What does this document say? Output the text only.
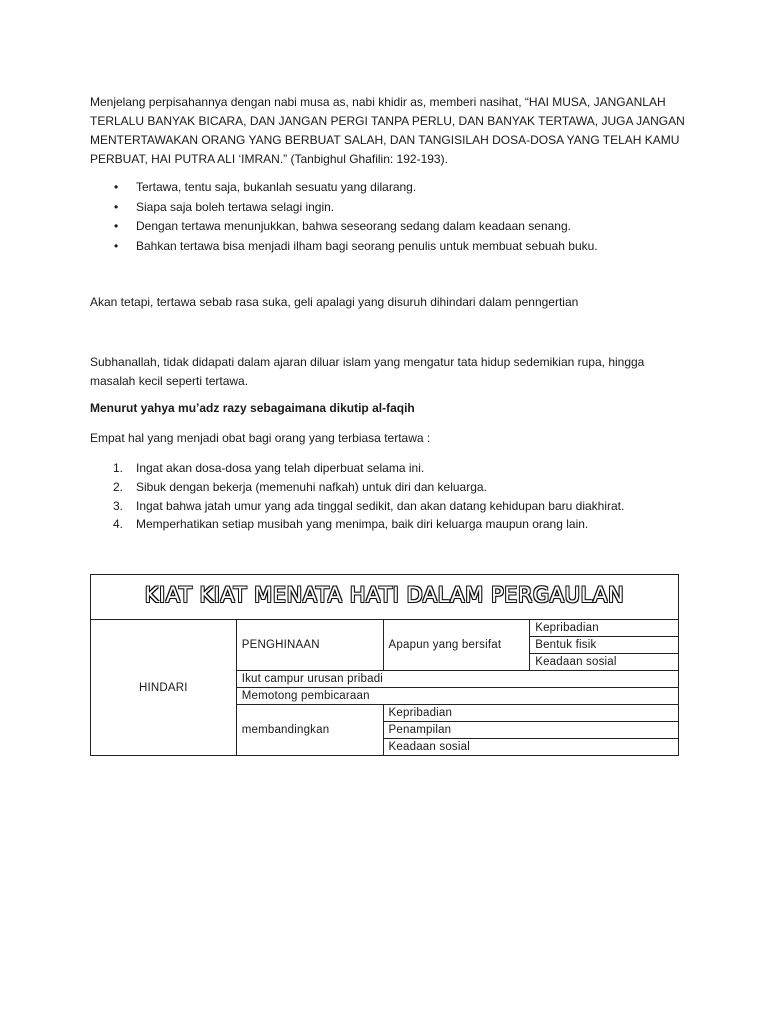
Menjelang perpisahannya dengan nabi musa as, nabi khidir as, memberi nasihat, “HAI MUSA, JANGANLAH TERLALU BANYAK BICARA, DAN JANGAN PERGI TANPA PERLU, DAN BANYAK TERTAWA, JUGA JANGAN MENTERTAWAKAN ORANG YANG BERBUAT SALAH, DAN TANGISILAH DOSA-DOSA YANG TELAH KAMU PERBUAT, HAI PUTRA ALI ‘IMRAN.” (Tanbighul Ghafilin: 192-193).

• Tertawa, tentu saja, bukanlah sesuatu yang dilarang.
• Siapa saja boleh tertawa selagi ingin.
• Dengan tertawa menunjukkan, bahwa seseorang sedang dalam keadaan senang.
• Bahkan tertawa bisa menjadi ilham bagi seorang penulis untuk membuat sebuah buku.

Akan tetapi, tertawa sebab rasa suka, geli apalagi yang disuruh dihindari dalam penngertian

Subhanallah, tidak didapati dalam ajaran diluar islam yang mengatur tata hidup sedemikian rupa, hingga masalah kecil seperti tertawa.

Menurut yahya mu’adz razy sebagaimana dikutip al-faqih

Empat hal yang menjadi obat bagi orang yang terbiasa tertawa :

1. Ingat akan dosa-dosa yang telah diperbuat selama ini.
2. Sibuk dengan bekerja (memenuhi nafkah) untuk diri dan keluarga.
3. Ingat bahwa jatah umur yang ada tinggal sedikit, dan akan datang kehidupan baru diakhirat.
4. Memperhatikan setiap musibah yang menimpa, baik diri keluarga maupun orang lain.
KIAT KIAT MENATA HATI DALAM PERGAULAN			
HINDARI	PENGHINAAN	Apapun yang bersifat	Kepribadian
			Bentuk fisik
			Keadaan sosial
	Ikut campur urusan pribadi		
	Memotong pembicaraan		
	membandingkan	Kepribadian	
		Penampilan	
		Keadaan sosial	
